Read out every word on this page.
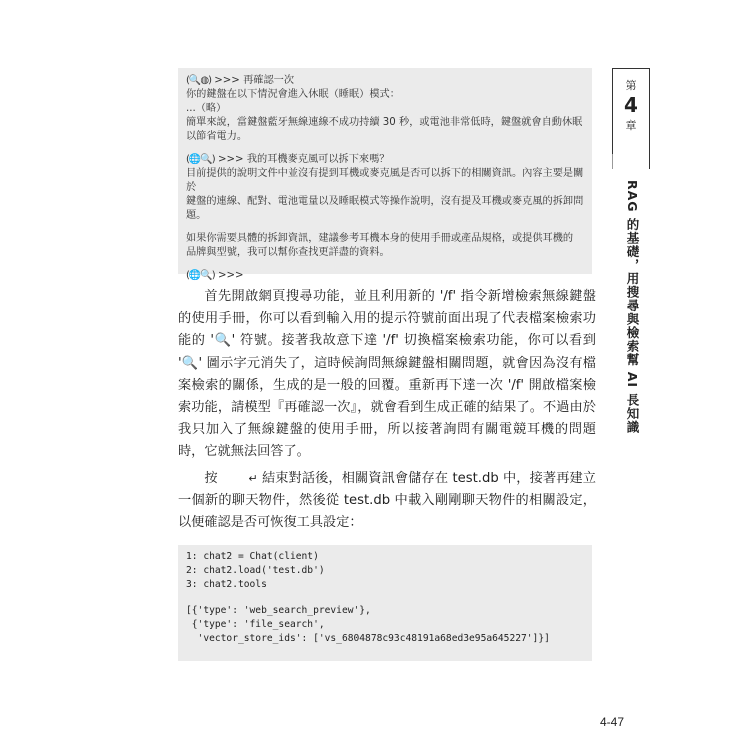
(🔍◍) >>> 再確認一次

你的鍵盤在以下情況會進入休眠（睡眠）模式：

...（略）

簡單來說，當鍵盤藍牙無線連線不成功持續 30 秒，或電池非常低時，鍵盤就會自動休眠

以節省電力。

(🌐🔍) >>> 我的耳機麥克風可以拆下來嗎？

目前提供的說明文件中並沒有提到耳機或麥克風是否可以拆下的相關資訊。內容主要是關於

鍵盤的連線、配對、電池電量以及睡眠模式等操作說明，沒有提及耳機或麥克風的拆卸問題。

如果你需要具體的拆卸資訊，建議參考耳機本身的使用手冊或產品規格，或提供耳機的

品牌與型號，我可以幫你查找更詳盡的資料。

(🌐🔍) >>>

首先開啟網頁搜尋功能，並且利用新的 '/f' 指令新增檢索無線鍵盤的使用手冊，你可以看到輸入用的提示符號前面出現了代表檔案檢索功能的 '🔍' 符號。接著我故意下達 '/f' 切換檔案檢索功能，你可以看到 '🔍' 圖示字元消失了，這時候詢問無線鍵盤相關問題，就會因為沒有檔案檢索的關係，生成的是一般的回覆。重新再下達一次 '/f' 開啟檔案檢索功能，請模型『再確認一次』，就會看到生成正確的結果了。不過由於我只加入了無線鍵盤的使用手冊，所以接著詢問有關電競耳機的問題時，它就無法回答了。

按	↵ 結束對話後，相關資訊會儲存在 test.db 中，接著再建立一個新的聊天物件，然後從 test.db 中載入剛剛聊天物件的相關設定，以便確認是否可恢復工具設定：

1: chat2 = Chat(client)
2: chat2.load('test.db')
3: chat2.tools
[{'type': 'web_search_preview'},
{'type': 'file_search',
'vector_store_ids': ['vs_6804878c93c48191a68ed3e95a645227']}]
第
4
章
RAG 的基礎，用搜尋與檢索幫 AI 長知識
4-47
